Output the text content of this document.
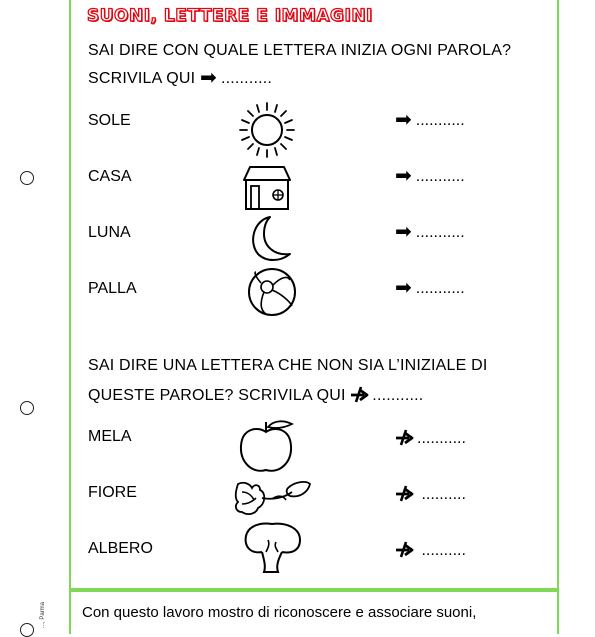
SUONI, LETTERE E IMMAGINI
SAI DIRE CON QUALE LETTERA INIZIA OGNI PAROLA?
SCRIVILA QUI ➡ ...........
SOLE
CASA
LUNA
PALLA
➡ ...........
➡ ...........
➡ ...........
➡ ...........
SAI DIRE UNA LETTERA CHE NON SIA L’INIZIALE DI
QUESTE PAROLE? SCRIVILA QUI ...........
MELA
FIORE
ALBERO
...........
..........
..........
Con questo lavoro mostro di riconoscere e associare suoni,
..., Parma
